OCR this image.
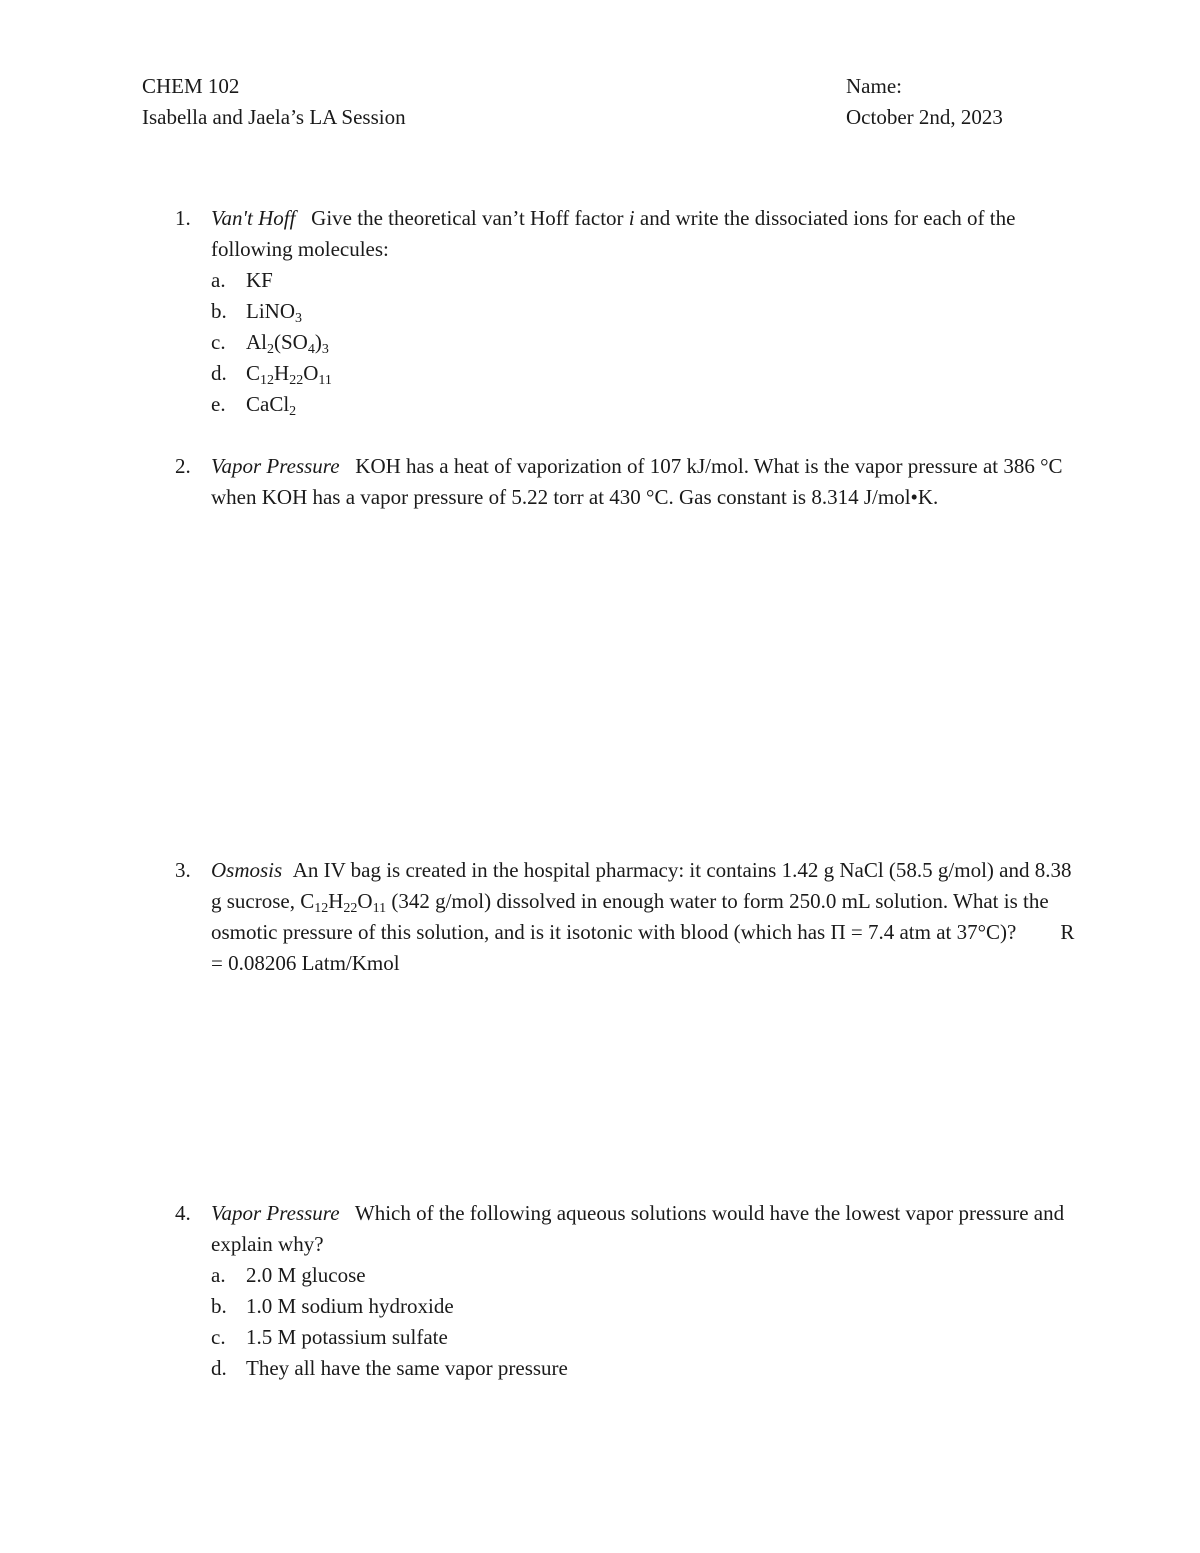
CHEM 102
Isabella and Jaela’s LA Session
Name:
October 2nd, 2023
1. Van't Hoff Give the theoretical van’t Hoff factor i and write the dissociated ions for each of the following molecules:
a. KF
b. LiNO$_3$
c. $Al_2(SO_4)_3$
d. $C_{12}H_{22}O_{11}$
e. CaCl$_2$
2. Vapor Pressure KOH has a heat of vaporization of 107 kJ/mol. What is the vapor pressure at 386 °C when KOH has a vapor pressure of 5.22 torr at 430 °C. Gas constant is 8.314 J/mol•K.
3. Osmosis An IV bag is created in the hospital pharmacy: it contains 1.42 g NaCl (58.5 g/mol) and 8.38 g sucrose, $C_{12}H_{22}O_{11}$ (342 g/mol) dissolved in enough water to form 250.0 mL solution. What is the osmotic pressure of this solution, and is it isotonic with blood (which has Π = 7.4 atm at 37°C)? R = 0.08206 Latm/Kmol
4. Vapor Pressure Which of the following aqueous solutions would have the lowest vapor pressure and explain why?
a. 2.0 M glucose
b. 1.0 M sodium hydroxide
c. 1.5 M potassium sulfate
d. They all have the same vapor pressure
